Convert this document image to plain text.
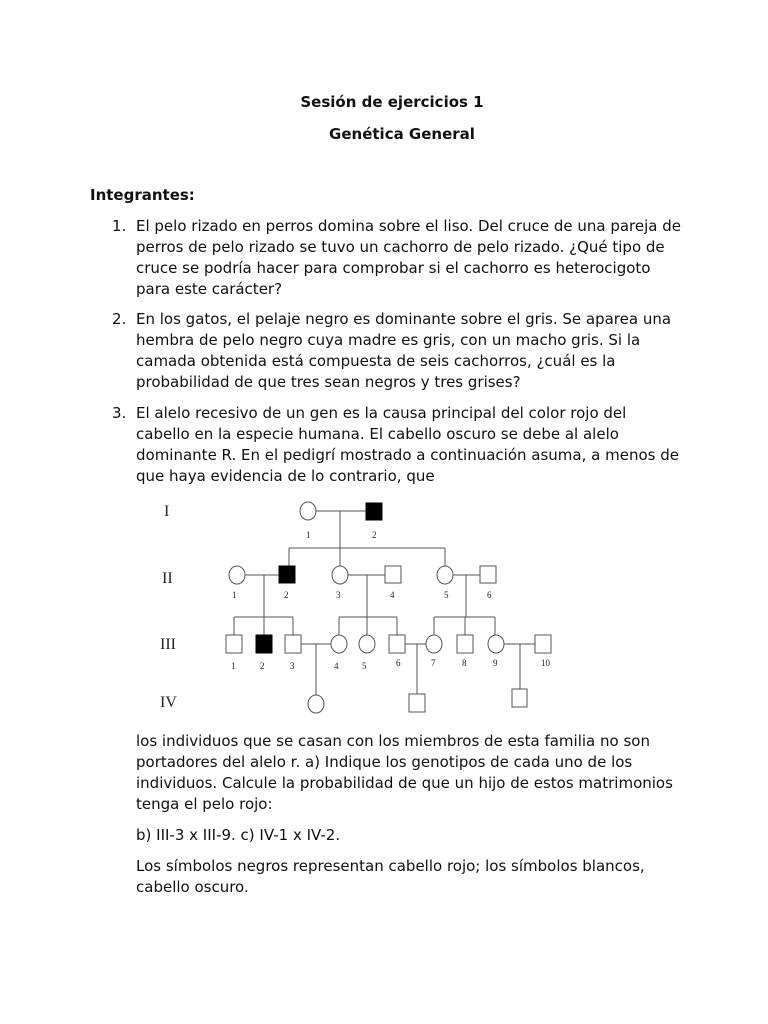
Sesión de ejercicios 1
Genética General
Integrantes:
1. El pelo rizado en perros domina sobre el liso. Del cruce de una pareja de perros de pelo rizado se tuvo un cachorro de pelo rizado. ¿Qué tipo de cruce se podría hacer para comprobar si el cachorro es heterocigoto para este carácter?
2. En los gatos, el pelaje negro es dominante sobre el gris. Se aparea una hembra de pelo negro cuya madre es gris, con un macho gris. Si la camada obtenida está compuesta de seis cachorros, ¿cuál es la probabilidad de que tres sean negros y tres grises?
3. El alelo recesivo de un gen es la causa principal del color rojo del cabello en la especie humana. El cabello oscuro se debe al alelo dominante R. En el pedigrí mostrado a continuación asuma, a menos de que haya evidencia de lo contrario, que
I
II
III
IV
1	2
1	2	3	4	5	6
1	2	3	4	5	6	7	8	9	10
los individuos que se casan con los miembros de esta familia no son portadores del alelo r. a) Indique los genotipos de cada uno de los individuos. Calcule la probabilidad de que un hijo de estos matrimonios tenga el pelo rojo:
b) III-3 x III-9. c) IV-1 x IV-2.
Los símbolos negros representan cabello rojo; los símbolos blancos, cabello oscuro.
